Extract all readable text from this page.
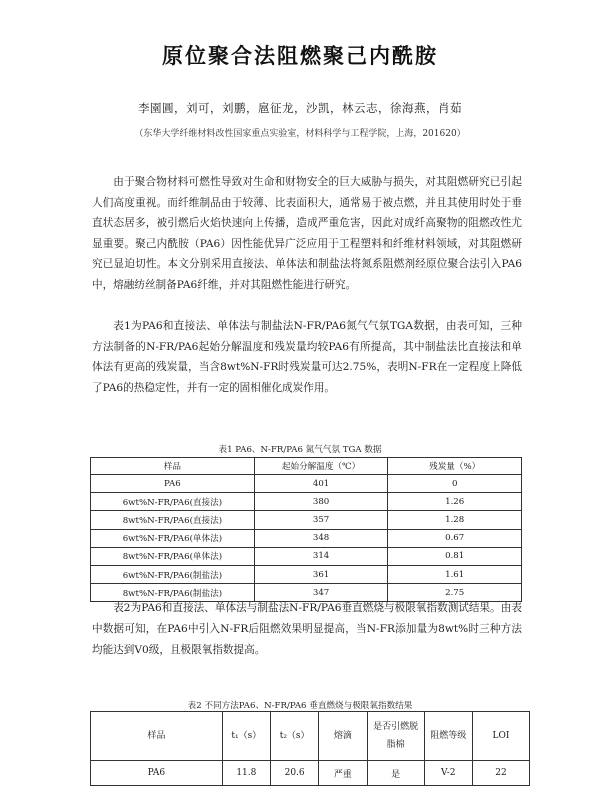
原位聚合法阻燃聚己内酰胺
李園圓，刘可，刘鹏，扈征龙，沙凯，林云志，徐海燕，肖茹
（东华大学纤维材料改性国家重点实验室，材料科学与工程学院，上海，201620）

由于聚合物材料可燃性导致对生命和财物安全的巨大威胁与损失，对其阻燃研究已引起人们高度重视。而纤维制品由于较薄、比表面积大，通常易于被点燃，并且其使用时处于垂直状态居多，被引燃后火焰快速向上传播，造成严重危害，因此对成纤高聚物的阻燃改性尤显重要。聚己内酰胺（PA6）因性能优异广泛应用于工程塑料和纤维材料领域，对其阻燃研究已显迫切性。本文分别采用直接法、单体法和制盐法将氮系阻燃剂经原位聚合法引入PA6中，熔融纺丝制备PA6纤维，并对其阻燃性能进行研究。

表1为PA6和直接法、单体法与制盐法N-FR/PA6氮气气氛TGA数据，由表可知，三种方法制备的N-FR/PA6起始分解温度和残炭量均较PA6有所提高，其中制盐法比直接法和单体法有更高的残炭量，当含8wt%N-FR时残炭量可达2.75%，表明N-FR在一定程度上降低了PA6的热稳定性，并有一定的固相催化成炭作用。

表1 PA6、N-FR/PA6 氮气气氛 TGA 数据
样品	起始分解温度（℃）	残炭量（%）
PA6	401	0
6wt%N-FR/PA6(直接法)	380	1.26
8wt%N-FR/PA6(直接法)	357	1.28
6wt%N-FR/PA6(单体法)	348	0.67
8wt%N-FR/PA6(单体法)	314	0.81
6wt%N-FR/PA6(制盐法)	361	1.61
8wt%N-FR/PA6(制盐法)	347	2.75

表2为PA6和直接法、单体法与制盐法N-FR/PA6垂直燃烧与极限氧指数测试结果。由表中数据可知，在PA6中引入N-FR后阻燃效果明显提高，当N-FR添加量为8wt%时三种方法均能达到V0级，且极限氧指数提高。

表2 不同方法PA6、N-FR/PA6 垂直燃烧与极限氧指数结果
样品	t₁（s）	t₂（s）	熔滴	是否引燃脱脂棉	阻燃等级	LOI
PA6	11.8	20.6	严重	是	V-2	22
